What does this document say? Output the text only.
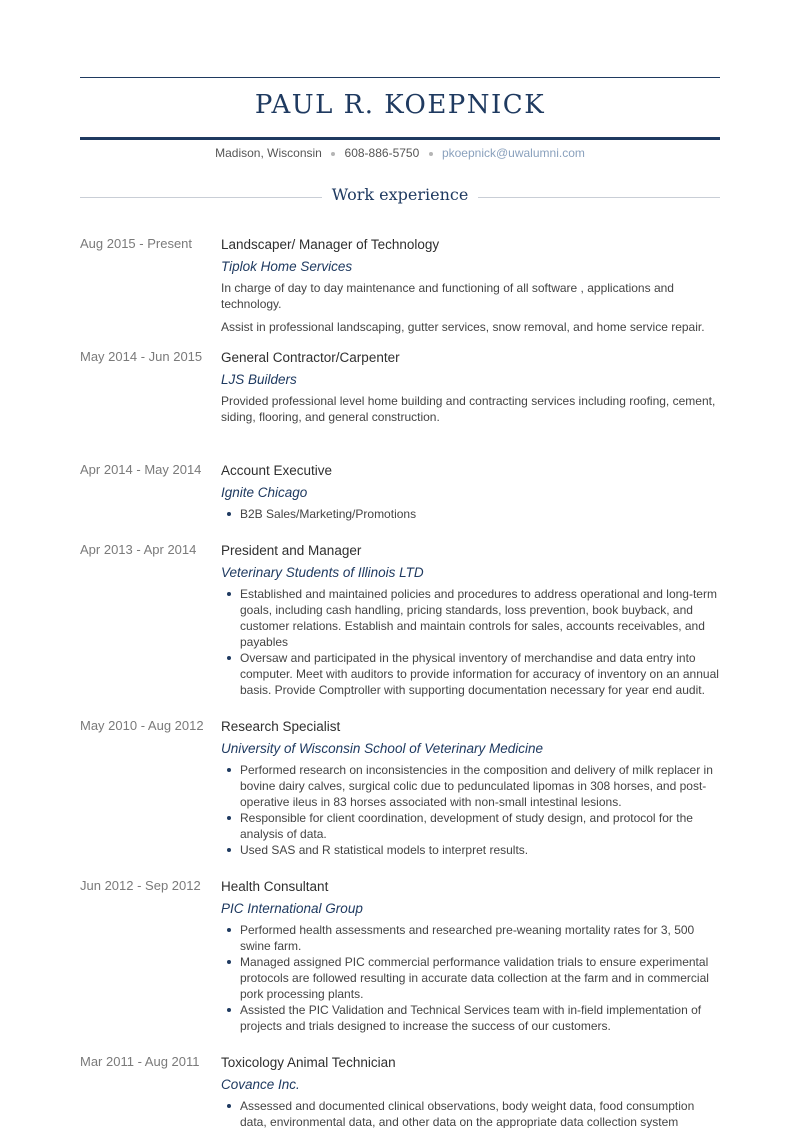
PAUL R. KOEPNICK
Madison, Wisconsin 608-886-5750 pkoepnick@uwalumni.com
Work experience
Aug 2015 - Present	Landscaper/ Manager of Technology
Tiplok Home Services

In charge of day to day maintenance and functioning of all software , applications and technology.

Assist in professional landscaping, gutter services, snow removal, and home service repair.

May 2014 - Jun 2015	General Contractor/Carpenter
LJS Builders

Provided professional level home building and contracting services including roofing, cement, siding, flooring, and general construction.

Apr 2014 - May 2014	Account Executive
Ignite Chicago
B2B Sales/Marketing/Promotions
Apr 2013 - Apr 2014	President and Manager
Veterinary Students of Illinois LTD
Established and maintained policies and procedures to address operational and long-term goals, including cash handling, pricing standards, loss prevention, book buyback, and customer relations. Establish and maintain controls for sales, accounts receivables, and payables
Oversaw and participated in the physical inventory of merchandise and data entry into computer. Meet with auditors to provide information for accuracy of inventory on an annual basis. Provide Comptroller with supporting documentation necessary for year end audit.
May 2010 - Aug 2012	Research Specialist
University of Wisconsin School of Veterinary Medicine
Performed research on inconsistencies in the composition and delivery of milk replacer in bovine dairy calves, surgical colic due to pedunculated lipomas in 308 horses, and post-operative ileus in 83 horses associated with non-small intestinal lesions.
Responsible for client coordination, development of study design, and protocol for the analysis of data.
Used SAS and R statistical models to interpret results.
Jun 2012 - Sep 2012	Health Consultant
PIC International Group
Performed health assessments and researched pre-weaning mortality rates for 3, 500 swine farm.
Managed assigned PIC commercial performance validation trials to ensure experimental protocols are followed resulting in accurate data collection at the farm and in commercial pork processing plants.
Assisted the PIC Validation and Technical Services team with in-field implementation of projects and trials designed to increase the success of our customers.
Mar 2011 - Aug 2011	Toxicology Animal Technician
Covance Inc.
Assessed and documented clinical observations, body weight data, food consumption data, environmental data, and other data on the appropriate data collection system
